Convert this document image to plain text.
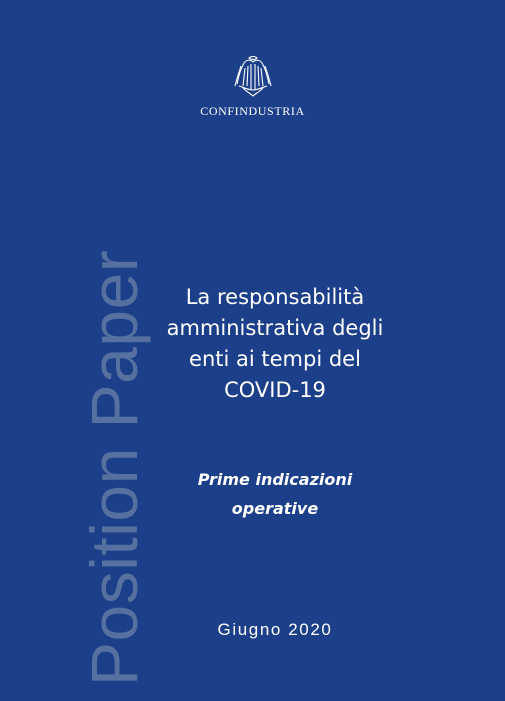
CONFINDUSTRIA
Position Paper	La responsabilità
amministrativa degli
enti ai tempi del
COVID-19

Prime indicazioni
operative

Giugno 2020
